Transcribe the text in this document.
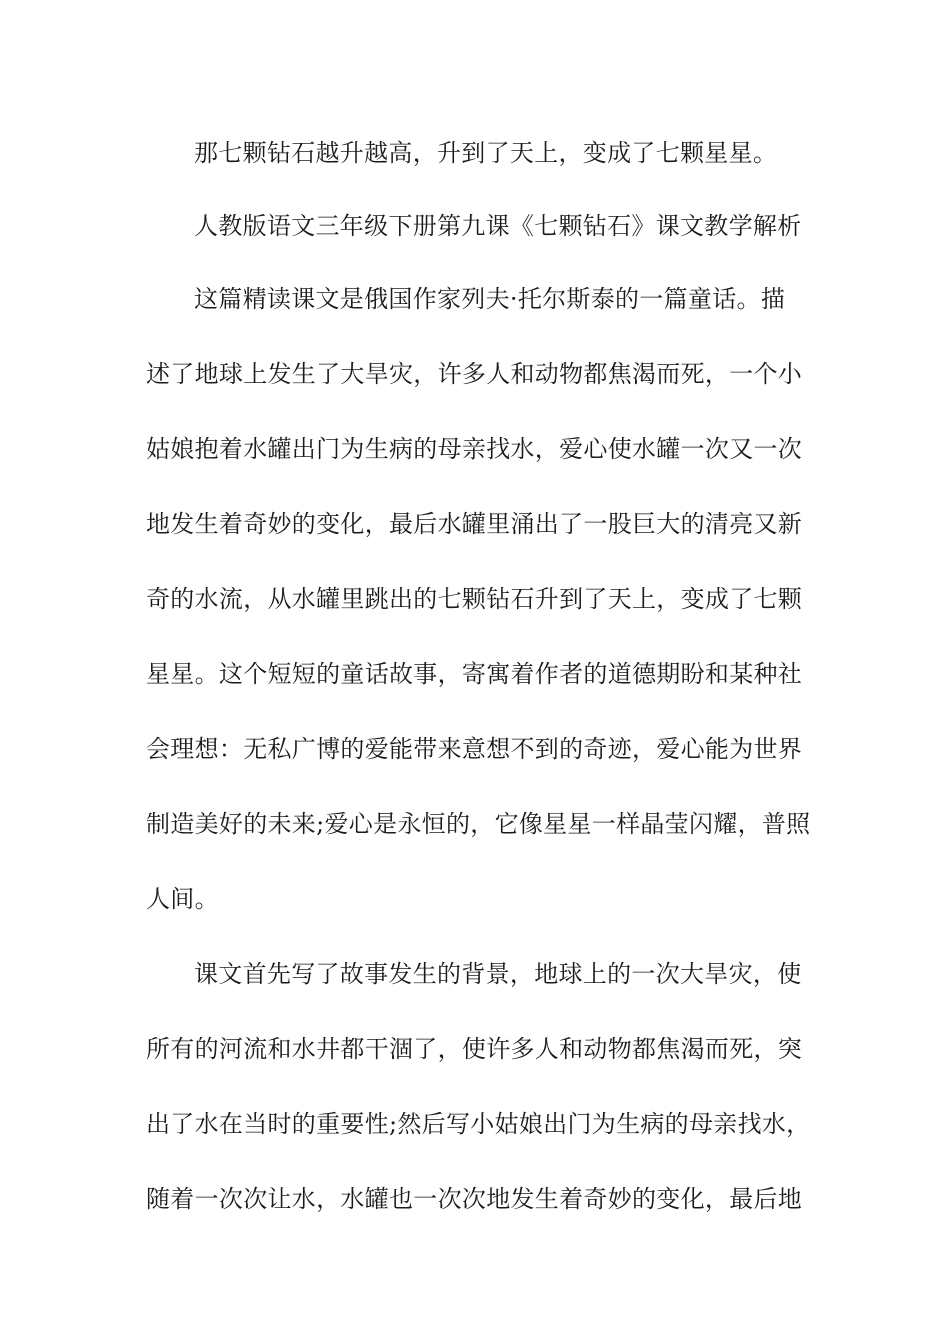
那七颗钻石越升越高，升到了天上，变成了七颗星星。
人教版语文三年级下册第九课《七颗钻石》课文教学解析
这篇精读课文是俄国作家列夫·托尔斯泰的一篇童话。描
述了地球上发生了大旱灾，许多人和动物都焦渴而死，一个小
姑娘抱着水罐出门为生病的母亲找水，爱心使水罐一次又一次
地发生着奇妙的变化，最后水罐里涌出了一股巨大的清亮又新
奇的水流，从水罐里跳出的七颗钻石升到了天上，变成了七颗
星星。这个短短的童话故事，寄寓着作者的道德期盼和某种社
会理想：无私广博的爱能带来意想不到的奇迹，爱心能为世界
制造美好的未来;爱心是永恒的，它像星星一样晶莹闪耀，普照
人间。
课文首先写了故事发生的背景，地球上的一次大旱灾，使
所有的河流和水井都干涸了，使许多人和动物都焦渴而死，突
出了水在当时的重要性;然后写小姑娘出门为生病的母亲找水，
随着一次次让水，水罐也一次次地发生着奇妙的变化，最后地
